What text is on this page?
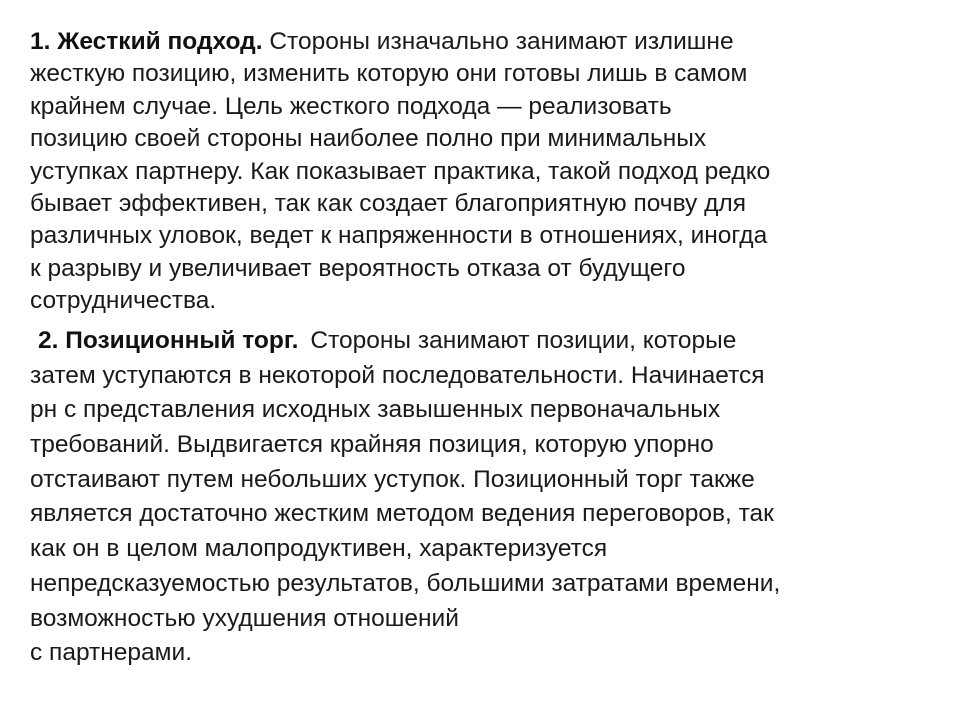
1. Жесткий подход. Стороны изначально занимают излишне
жесткую позицию, изменить которую они готовы лишь в самом
крайнем случае. Цель жесткого подхода — реализовать
позицию своей стороны наиболее полно при минимальных
уступках партнеру. Как показывает практика, такой подход редко
бывает эффективен, так как создает благоприятную почву для
различных уловок, ведет к напряженности в отношениях, иногда
к разрыву и увеличивает вероятность отказа от будущего
сотрудничества.
2. Позиционный торг. Стороны занимают позиции, которые
затем уступаются в некоторой последовательности. Начинается
рн с представления исходных завышенных первоначальных
требований. Выдвигается крайняя позиция, которую упорно
отстаивают путем небольших уступок. Позиционный торг также
является достаточно жестким методом ведения переговоров, так
как он в целом малопродуктивен, характеризуется
непредсказуемостью результатов, большими затратами времени,
возможностью ухудшения отношений
с партнерами.
